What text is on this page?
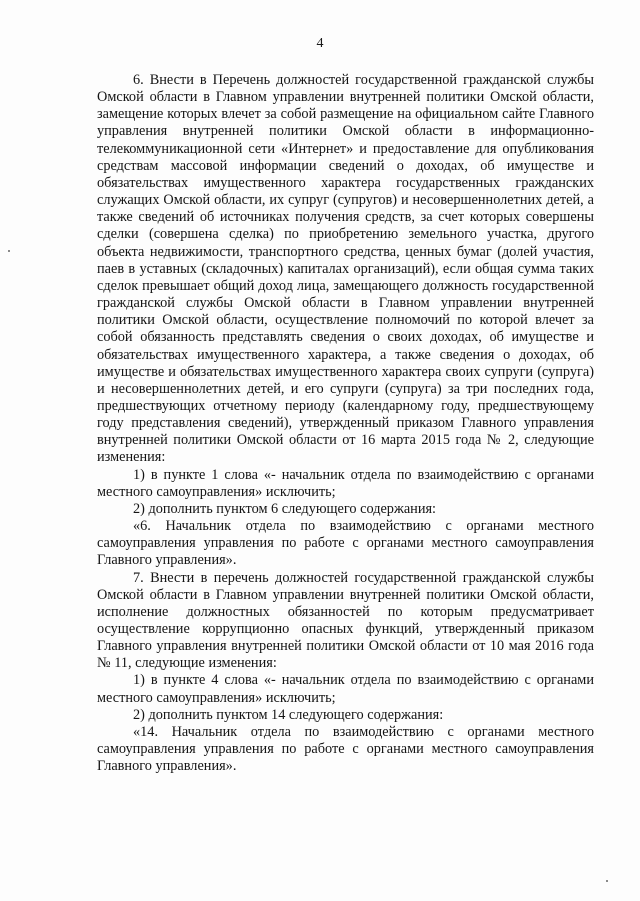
4

6. Внести в Перечень должностей государственной гражданской службы Омской области в Главном управлении внутренней политики Омской области, замещение которых влечет за собой размещение на официальном сайте Главного управления внутренней политики Омской области в информационно-телекоммуникационной сети «Интернет» и предоставление для опубликования средствам массовой информации сведений о доходах, об имуществе и обязательствах имущественного характера государственных гражданских служащих Омской области, их супруг (супругов) и несовершеннолетних детей, а также сведений об источниках получения средств, за счет которых совершены сделки (совершена сделка) по приобретению земельного участка, другого объекта недвижимости, транспортного средства, ценных бумаг (долей участия, паев в уставных (складочных) капиталах организаций), если общая сумма таких сделок превышает общий доход лица, замещающего должность государственной гражданской службы Омской области в Главном управлении внутренней политики Омской области, осуществление полномочий по которой влечет за собой обязанность представлять сведения о своих доходах, об имуществе и обязательствах имущественного характера, а также сведения о доходах, об имуществе и обязательствах имущественного характера своих супруги (супруга) и несовершеннолетних детей, и его супруги (супруга) за три последних года, предшествующих отчетному периоду (календарному году, предшествующему году представления сведений), утвержденный приказом Главного управления внутренней политики Омской области от 16 марта 2015 года № 2, следующие изменения:

1) в пункте 1 слова «- начальник отдела по взаимодействию с органами местного самоуправления» исключить;

2) дополнить пунктом 6 следующего содержания:

«6. Начальник отдела по взаимодействию с органами местного самоуправления управления по работе с органами местного самоуправления Главного управления».

7. Внести в перечень должностей государственной гражданской службы Омской области в Главном управлении внутренней политики Омской области, исполнение должностных обязанностей по которым предусматривает осуществление коррупционно опасных функций, утвержденный приказом Главного управления внутренней политики Омской области от 10 мая 2016 года № 11, следующие изменения:

1) в пункте 4 слова «- начальник отдела по взаимодействию с органами местного самоуправления» исключить;

2) дополнить пунктом 14 следующего содержания:

«14. Начальник отдела по взаимодействию с органами местного самоуправления управления по работе с органами местного самоуправления Главного управления».
